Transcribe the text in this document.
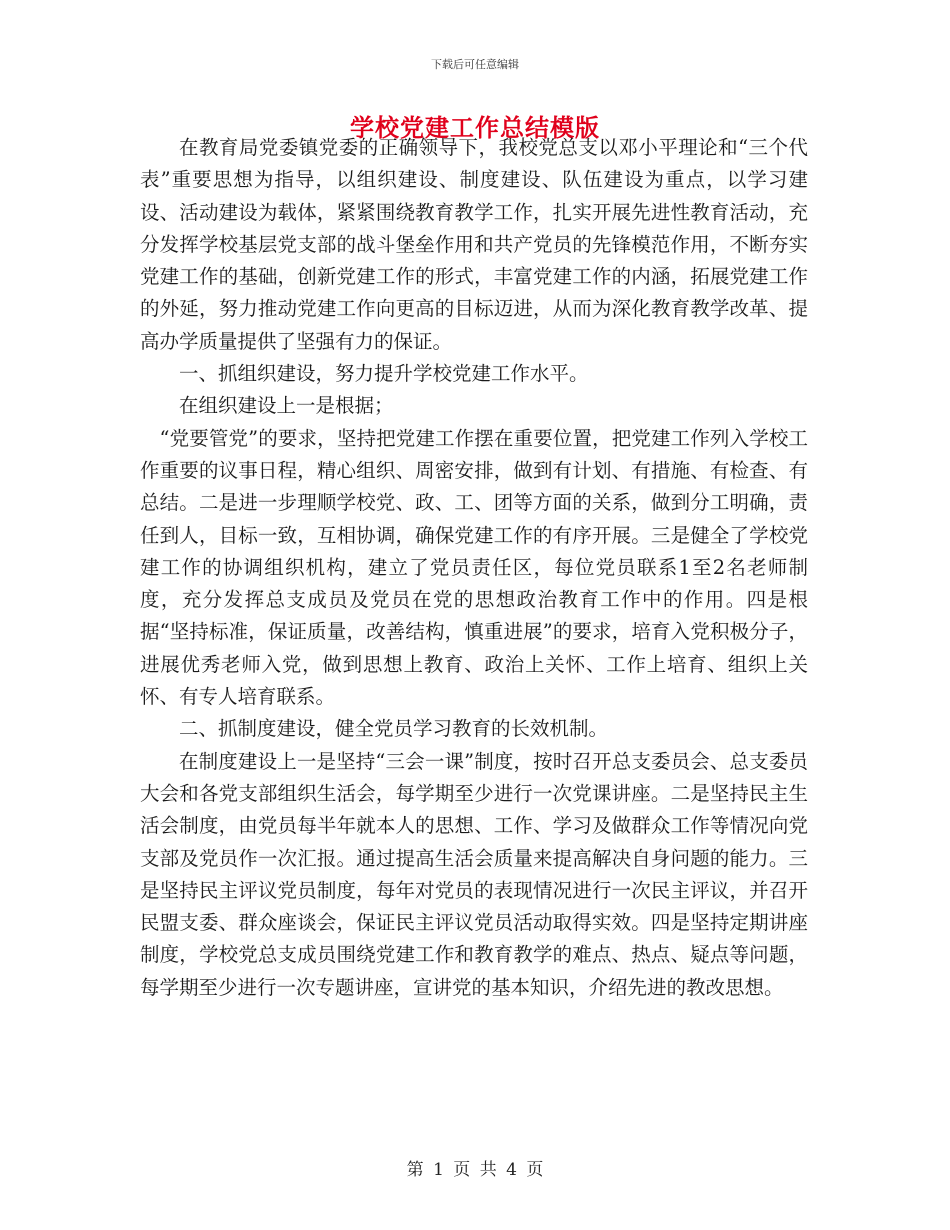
下载后可任意编辑
学校党建工作总结模版

在教育局党委镇党委的正确领导下，我校党总支以邓小平理论和“三个代表”重要思想为指导，以组织建设、制度建设、队伍建设为重点，以学习建设、活动建设为载体，紧紧围绕教育教学工作，扎实开展先进性教育活动，充分发挥学校基层党支部的战斗堡垒作用和共产党员的先锋模范作用，不断夯实党建工作的基础，创新党建工作的形式，丰富党建工作的内涵，拓展党建工作的外延，努力推动党建工作向更高的目标迈进，从而为深化教育教学改革、提高办学质量提供了坚强有力的保证。

一、抓组织建设，努力提升学校党建工作水平。

在组织建设上一是根据；

“党要管党”的要求，坚持把党建工作摆在重要位置，把党建工作列入学校工作重要的议事日程，精心组织、周密安排，做到有计划、有措施、有检查、有总结。二是进一步理顺学校党、政、工、团等方面的关系，做到分工明确，责任到人，目标一致，互相协调，确保党建工作的有序开展。三是健全了学校党建工作的协调组织机构，建立了党员责任区，每位党员联系1至2名老师制度，充分发挥总支成员及党员在党的思想政治教育工作中的作用。四是根据“坚持标准，保证质量，改善结构，慎重进展”的要求，培育入党积极分子，进展优秀老师入党，做到思想上教育、政治上关怀、工作上培育、组织上关怀、有专人培育联系。

二、抓制度建设，健全党员学习教育的长效机制。

在制度建设上一是坚持“三会一课”制度，按时召开总支委员会、总支委员大会和各党支部组织生活会，每学期至少进行一次党课讲座。二是坚持民主生活会制度，由党员每半年就本人的思想、工作、学习及做群众工作等情况向党支部及党员作一次汇报。通过提高生活会质量来提高解决自身问题的能力。三是坚持民主评议党员制度，每年对党员的表现情况进行一次民主评议，并召开民盟支委、群众座谈会，保证民主评议党员活动取得实效。四是坚持定期讲座制度，学校党总支成员围绕党建工作和教育教学的难点、热点、疑点等问题，每学期至少进行一次专题讲座，宣讲党的基本知识，介绍先进的教改思想。

第 1 页 共 4 页
